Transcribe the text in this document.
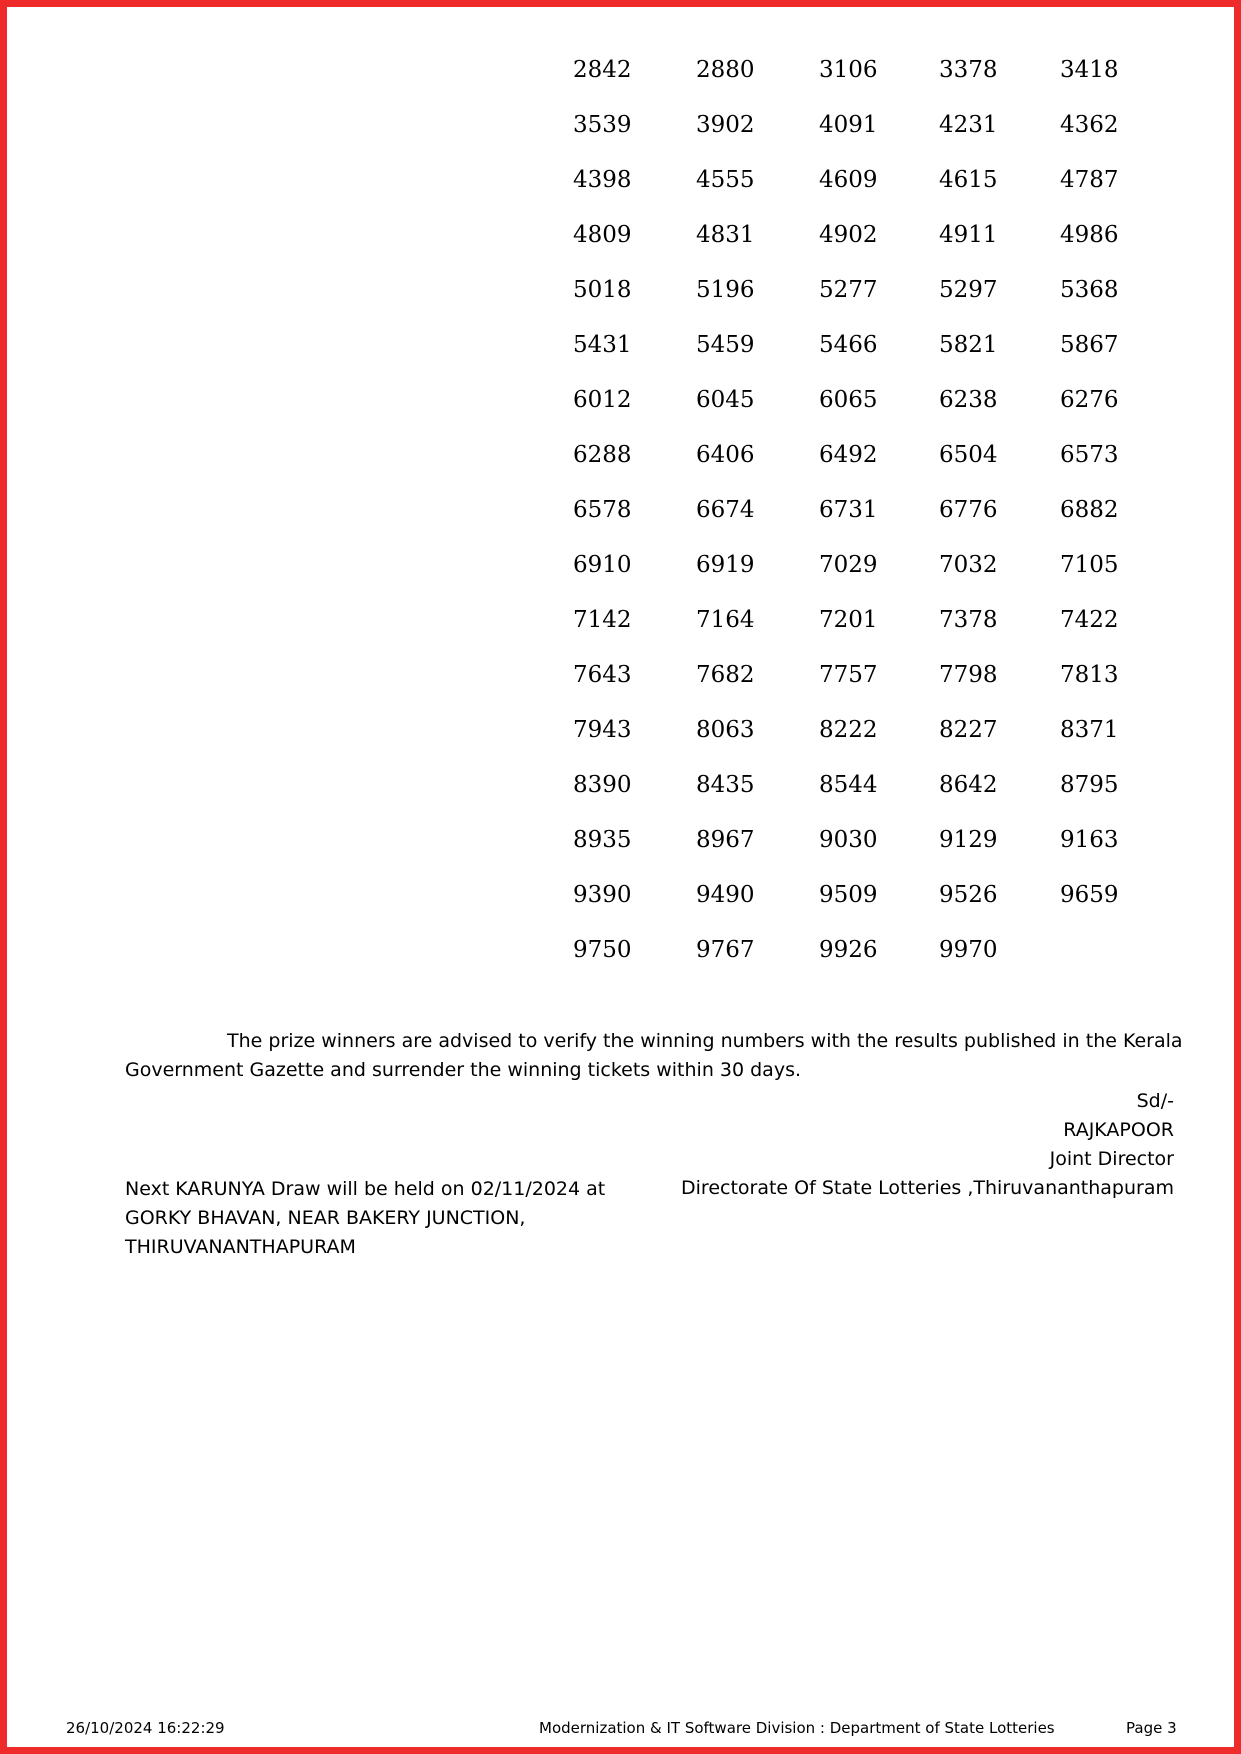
2842	2880	3106	3378	3418
3539	3902	4091	4231	4362
4398	4555	4609	4615	4787
4809	4831	4902	4911	4986
5018	5196	5277	5297	5368
5431	5459	5466	5821	5867
6012	6045	6065	6238	6276
6288	6406	6492	6504	6573
6578	6674	6731	6776	6882
6910	6919	7029	7032	7105
7142	7164	7201	7378	7422
7643	7682	7757	7798	7813
7943	8063	8222	8227	8371
8390	8435	8544	8642	8795
8935	8967	9030	9129	9163
9390	9490	9509	9526	9659
9750	9767	9926	9970
The prize winners are advised to verify the winning numbers with the results published in the Kerala
Government Gazette and surrender the winning tickets within 30 days.
Sd/-
RAJKAPOOR
Joint Director
Directorate Of State Lotteries ,Thiruvananthapuram
Next KARUNYA Draw will be held on 02/11/2024 at
GORKY BHAVAN, NEAR BAKERY JUNCTION,
THIRUVANANTHAPURAM
26/10/2024 16:22:29	Modernization & IT Software Division : Department of State Lotteries	Page 3
